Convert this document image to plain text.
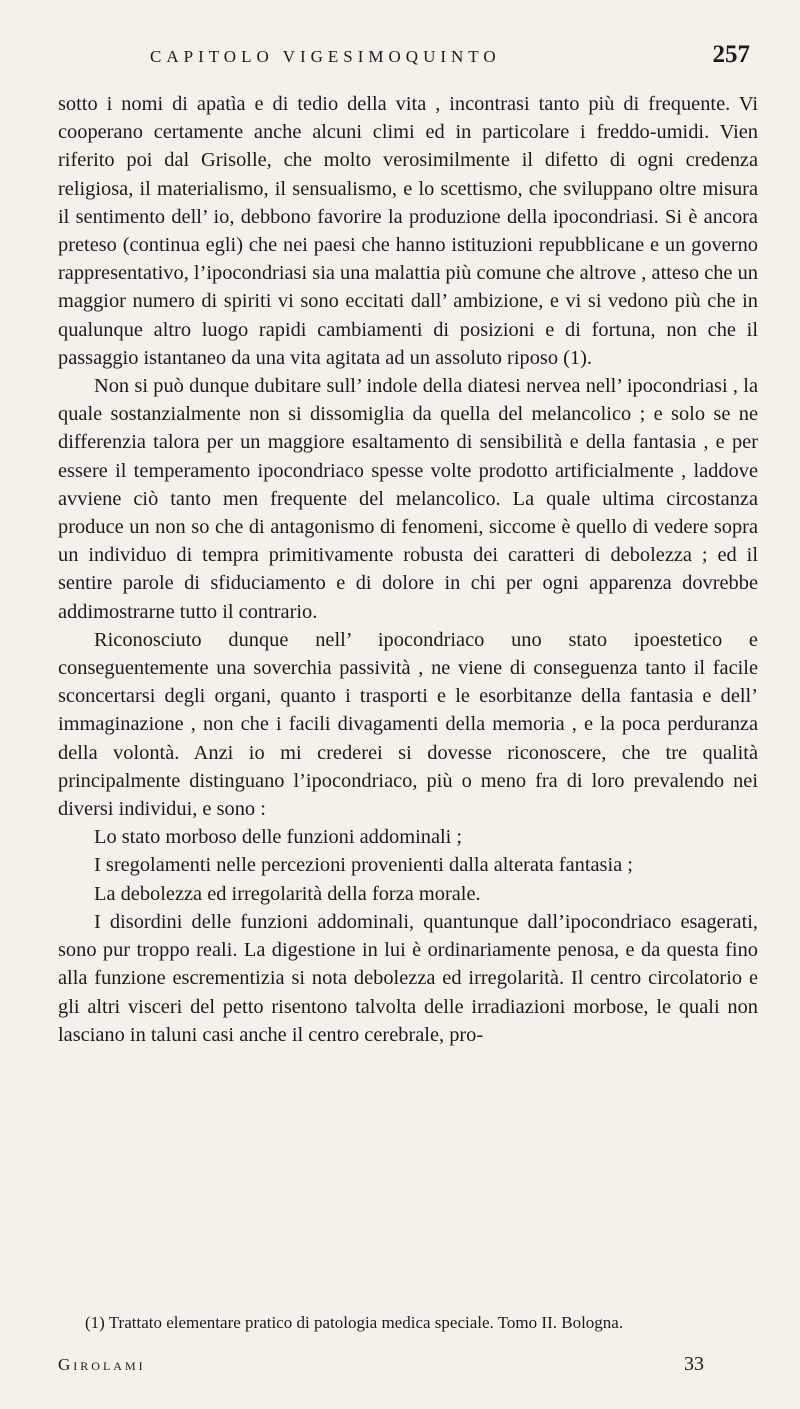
CAPITOLO VIGESIMOQUINTO	257

sotto i nomi di apatìa e di tedio della vita , incontrasi tanto più di frequente. Vi cooperano certamente anche alcuni climi ed in particolare i freddo-umidi. Vien riferito poi dal Grisolle, che molto verosimilmente il difetto di ogni credenza religiosa, il materialismo, il sensualismo, e lo scettismo, che sviluppano oltre misura il sentimento dell’ io, debbono favorire la produzione della ipocondriasi. Si è ancora preteso (continua egli) che nei paesi che hanno istituzioni repubblicane e un governo rappresentativo, l’ipocondriasi sia una malattia più comune che altrove , atteso che un maggior numero di spiriti vi sono eccitati dall’ ambizione, e vi si vedono più che in qualunque altro luogo rapidi cambiamenti di posizioni e di fortuna, non che il passaggio istantaneo da una vita agitata ad un assoluto riposo (1).

Non si può dunque dubitare sull’ indole della diatesi nervea nell’ ipocondriasi , la quale sostanzialmente non si dissomiglia da quella del melancolico ; e solo se ne differenzia talora per un maggiore esaltamento di sensibilità e della fantasia , e per essere il temperamento ipocondriaco spesse volte prodotto artificialmente , laddove avviene ciò tanto men frequente del melancolico. La quale ultima circostanza produce un non so che di antagonismo di fenomeni, siccome è quello di vedere sopra un individuo di tempra primitivamente robusta dei caratteri di debolezza ; ed il sentire parole di sfiduciamento e di dolore in chi per ogni apparenza dovrebbe addimostrarne tutto il contrario.

Riconosciuto dunque nell’ ipocondriaco uno stato ipoestetico e conseguentemente una soverchia passività , ne viene di conseguenza tanto il facile sconcertarsi degli organi, quanto i trasporti e le esorbitanze della fantasia e dell’ immaginazione , non che i facili divagamenti della memoria , e la poca perduranza della volontà. Anzi io mi crederei si dovesse riconoscere, che tre qualità principalmente distinguano l’ipocondriaco, più o meno fra di loro prevalendo nei diversi individui, e sono :

Lo stato morboso delle funzioni addominali ;

I sregolamenti nelle percezioni provenienti dalla alterata fantasia ;

La debolezza ed irregolarità della forza morale.

I disordini delle funzioni addominali, quantunque dall’ipocondriaco esagerati, sono pur troppo reali. La digestione in lui è ordinariamente penosa, e da questa fino alla funzione escrementizia si nota debolezza ed irregolarità. Il centro circolatorio e gli altri visceri del petto risentono talvolta delle irradiazioni morbose, le quali non lasciano in taluni casi anche il centro cerebrale, pro-

(1) Trattato elementare pratico di patologia medica speciale. Tomo II. Bologna.

Girolami	33
